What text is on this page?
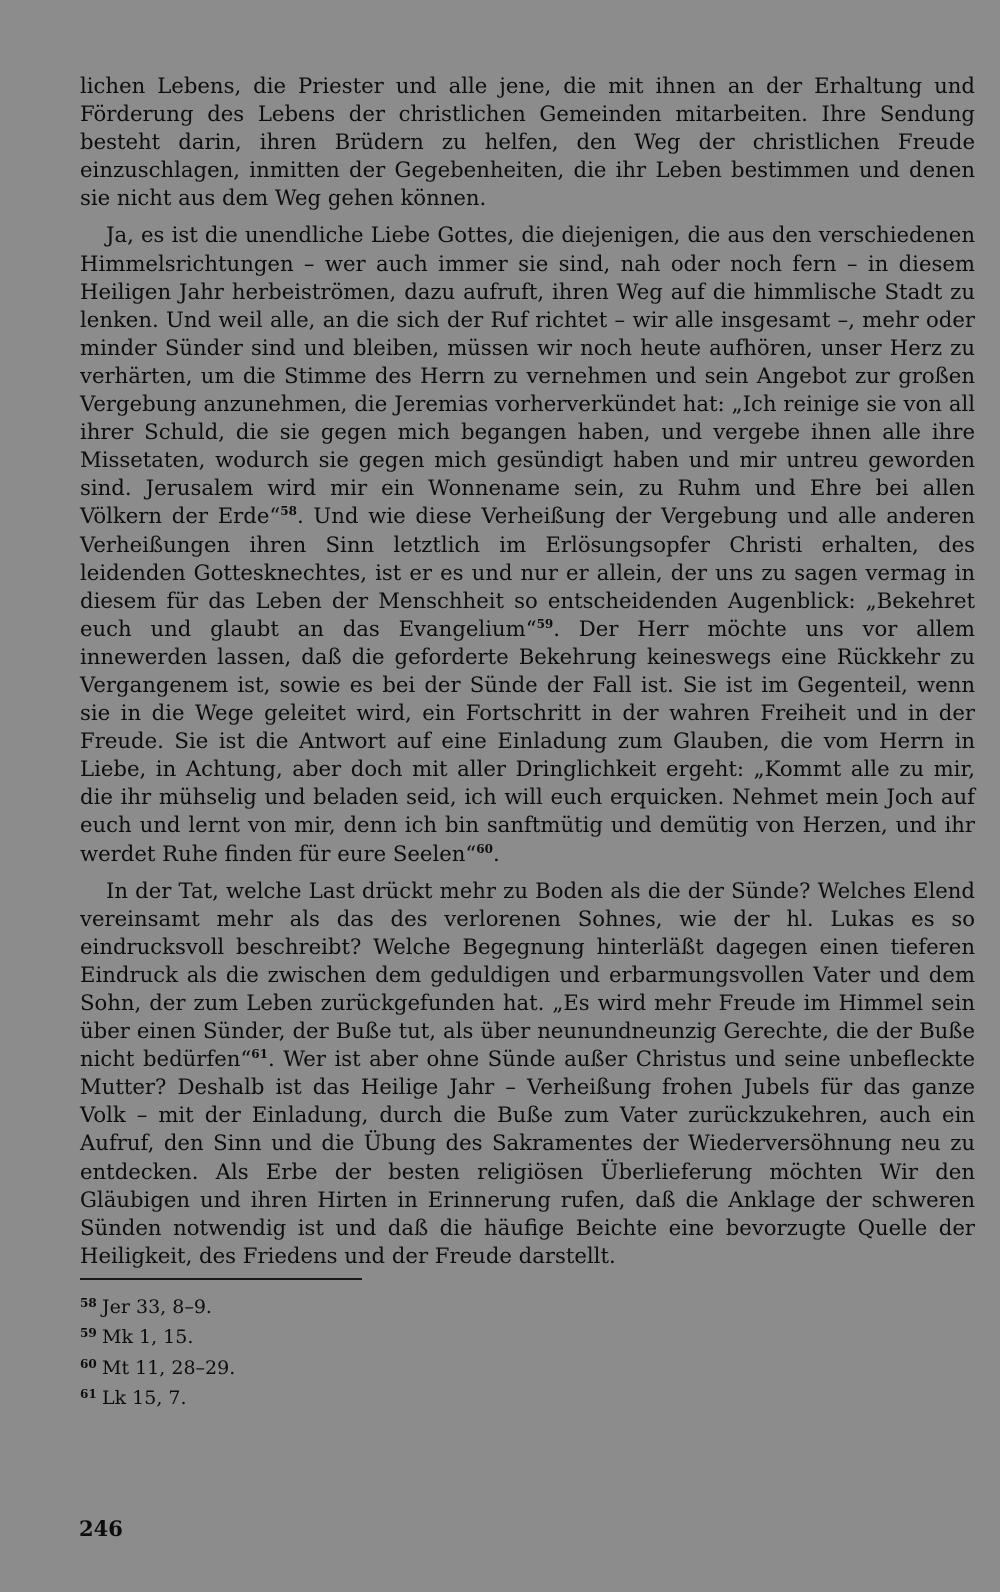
lichen Lebens, die Priester und alle jene, die mit ihnen an der Erhaltung und Förderung des Lebens der christlichen Gemeinden mitarbeiten. Ihre Sendung besteht darin, ihren Brüdern zu helfen, den Weg der christlichen Freude einzuschlagen, inmitten der Gegebenheiten, die ihr Leben bestimmen und denen sie nicht aus dem Weg gehen können.

Ja, es ist die unendliche Liebe Gottes, die diejenigen, die aus den verschiedenen Himmelsrichtungen – wer auch immer sie sind, nah oder noch fern – in diesem Heiligen Jahr herbeiströmen, dazu aufruft, ihren Weg auf die himmlische Stadt zu lenken. Und weil alle, an die sich der Ruf richtet – wir alle insgesamt –, mehr oder minder Sünder sind und bleiben, müssen wir noch heute aufhören, unser Herz zu verhärten, um die Stimme des Herrn zu vernehmen und sein Angebot zur großen Vergebung anzunehmen, die Jeremias vorherverkündet hat: „Ich reinige sie von all ihrer Schuld, die sie gegen mich begangen haben, und vergebe ihnen alle ihre Missetaten, wodurch sie gegen mich gesündigt haben und mir untreu geworden sind. Jerusalem wird mir ein Wonnename sein, zu Ruhm und Ehre bei allen Völkern der Erde“$^{58}$. Und wie diese Verheißung der Vergebung und alle anderen Verheißungen ihren Sinn letztlich im Erlösungsopfer Christi erhalten, des leidenden Gottesknechtes, ist er es und nur er allein, der uns zu sagen vermag in diesem für das Leben der Menschheit so entscheidenden Augenblick: „Bekehret euch und glaubt an das Evangelium“$^{59}$. Der Herr möchte uns vor allem innewerden lassen, daß die geforderte Bekehrung keineswegs eine Rückkehr zu Vergangenem ist, sowie es bei der Sünde der Fall ist. Sie ist im Gegenteil, wenn sie in die Wege geleitet wird, ein Fortschritt in der wahren Freiheit und in der Freude. Sie ist die Antwort auf eine Einladung zum Glauben, die vom Herrn in Liebe, in Achtung, aber doch mit aller Dringlichkeit ergeht: „Kommt alle zu mir, die ihr mühselig und beladen seid, ich will euch erquicken. Nehmet mein Joch auf euch und lernt von mir, denn ich bin sanftmütig und demütig von Herzen, und ihr werdet Ruhe finden für eure Seelen“$^{60}$.

In der Tat, welche Last drückt mehr zu Boden als die der Sünde? Welches Elend vereinsamt mehr als das des verlorenen Sohnes, wie der hl. Lukas es so eindrucksvoll beschreibt? Welche Begegnung hinterläßt dagegen einen tieferen Eindruck als die zwischen dem geduldigen und erbarmungsvollen Vater und dem Sohn, der zum Leben zurückgefunden hat. „Es wird mehr Freude im Himmel sein über einen Sünder, der Buße tut, als über neunundneunzig Gerechte, die der Buße nicht bedürfen“$^{61}$. Wer ist aber ohne Sünde außer Christus und seine unbefleckte Mutter? Deshalb ist das Heilige Jahr – Verheißung frohen Jubels für das ganze Volk – mit der Einladung, durch die Buße zum Vater zurückzukehren, auch ein Aufruf, den Sinn und die Übung des Sakramentes der Wiederversöhnung neu zu entdecken. Als Erbe der besten religiösen Überlieferung möchten Wir den Gläubigen und ihren Hirten in Erinnerung rufen, daß die Anklage der schweren Sünden notwendig ist und daß die häufige Beichte eine bevorzugte Quelle der Heiligkeit, des Friedens und der Freude darstellt.

58 Jer 33, 8–9.
59 Mk 1, 15.
60 Mt 11, 28–29.
61 Lk 15, 7.
246
